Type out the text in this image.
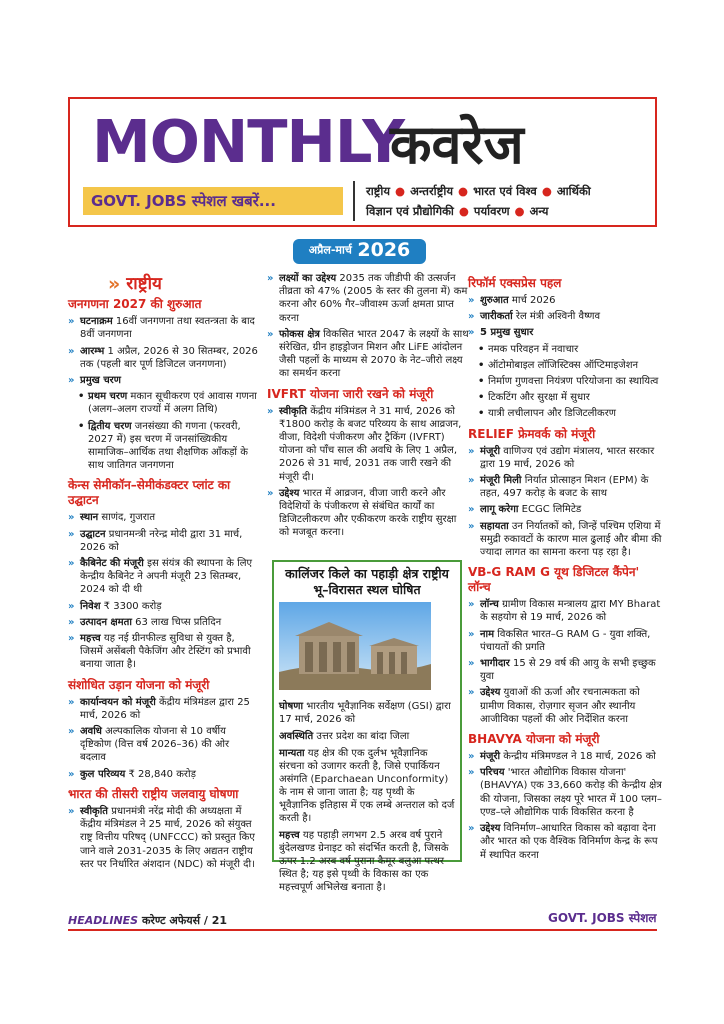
MONTHLY
कवरेज
GOVT. JOBS स्पेशल खबरें...
राष्ट्रीय ● अन्तर्राष्ट्रीय ● भारत एवं विश्व ● आर्थिकी
विज्ञान एवं प्रौद्योगिकी ● पर्यावरण ● अन्य
अप्रैल-मार्च 2026
» राष्ट्रीय
जनगणना 2027 की शुरुआत
» घटनाक्रम 16वीं जनगणना तथा स्वतन्त्रता के बाद 8वीं जनगणना
» आरम्भ 1 अप्रैल, 2026 से 30 सितम्बर, 2026 तक (पहली बार पूर्ण डिजिटल जनगणना)
» प्रमुख चरण
• प्रथम चरण मकान सूचीकरण एवं आवास गणना (अलग–अलग राज्यों में अलग तिथि)
• द्वितीय चरण जनसंख्या की गणना (फरवरी, 2027 में) इस चरण में जनसांख्यिकीय सामाजिक–आर्थिक तथा शैक्षणिक आँकड़ों के साथ जातिगत जनगणना
केन्स सेमीकॉन–सेमीकंडक्टर प्लांट का उद्घाटन
» स्थान साणंद, गुजरात
» उद्घाटन प्रधानमन्त्री नरेन्द्र मोदी द्वारा 31 मार्च, 2026 को
» कैबिनेट की मंजूरी इस संयंत्र की स्थापना के लिए केन्द्रीय कैबिनेट ने अपनी मंजूरी 23 सितम्बर, 2024 को दी थी
» निवेश ₹ 3300 करोड़
» उत्पादन क्षमता 63 लाख चिप्स प्रतिदिन
» महत्त्व यह नई ग्रीनफील्ड सुविधा से युक्त है, जिसमें असेंबली पैकेजिंग और टेस्टिंग को प्रभावी बनाया जाता है।
संशोधित उड़ान योजना को मंजूरी
» कार्यान्वयन को मंजूरी केंद्रीय मंत्रिमंडल द्वारा 25 मार्च, 2026 को
» अवधि अल्पकालिक योजना से 10 वर्षीय दृष्टिकोण (वित्त वर्ष 2026–36) की ओर बदलाव
» कुल परिव्यय ₹ 28,840 करोड़
भारत की तीसरी राष्ट्रीय जलवायु घोषणा
» स्वीकृति प्रधानमंत्री नरेंद्र मोदी की अध्यक्षता में केंद्रीय मंत्रिमंडल ने 25 मार्च, 2026 को संयुक्त राष्ट्र वित्तीय परिषद् (UNFCCC) को प्रस्तुत किए जाने वाले 2031-2035 के लिए अद्यतन राष्ट्रीय स्तर पर निर्धारित अंशदान (NDC) को मंजूरी दी।
» लक्ष्यों का उद्देश्य 2035 तक जीडीपी की उत्सर्जन तीव्रता को 47% (2005 के स्तर की तुलना में) कम करना और 60% गैर–जीवाश्म ऊर्जा क्षमता प्राप्त करना
» फोकस क्षेत्र विकसित भारत 2047 के लक्ष्यों के साथ संरेखित, ग्रीन हाइड्रोजन मिशन और LiFE आंदोलन जैसी पहलों के माध्यम से 2070 के नेट–जीरो लक्ष्य का समर्थन करना
IVFRT योजना जारी रखने को मंजूरी
» स्वीकृति केंद्रीय मंत्रिमंडल ने 31 मार्च, 2026 को ₹1800 करोड़ के बजट परिव्यय के साथ आव्रजन, वीजा, विदेशी पंजीकरण और ट्रैकिंग (IVFRT) योजना को पाँच साल की अवधि के लिए 1 अप्रैल, 2026 से 31 मार्च, 2031 तक जारी रखने की मंजूरी दी।
» उद्देश्य भारत में आव्रजन, वीजा जारी करने और विदेशियों के पंजीकरण से संबंधित कार्यों का डिजिटलीकरण और एकीकरण करके राष्ट्रीय सुरक्षा को मजबूत करना।
कालिंजर किले का पहाड़ी क्षेत्र राष्ट्रीय भू–विरासत स्थल घोषित

घोषणा भारतीय भूवैज्ञानिक सर्वेक्षण (GSI) द्वारा 17 मार्च, 2026 को

अवस्थिति उत्तर प्रदेश का बांदा जिला

मान्यता यह क्षेत्र की एक दुर्लभ भूवैज्ञानिक संरचना को उजागर करती है, जिसे एपार्कियन असंगति (Eparchaean Unconformity) के नाम से जाना जाता है; यह पृथ्वी के भूवैज्ञानिक इतिहास में एक लम्बे अन्तराल को दर्ज करती है।

महत्त्व यह पहाड़ी लगभग 2.5 अरब वर्ष पुराने बुंदेलखण्ड ग्रेनाइट को संदर्भित करती है, जिसके ऊपर 1.2 अरब वर्ष पुराना कैमूर बलुआ पत्थर स्थित है; यह इसे पृथ्वी के विकास का एक महत्त्वपूर्ण अभिलेख बनाता है।

रिफॉर्म एक्सप्रेस पहल
» शुरुआत मार्च 2026
» जारीकर्ता रेल मंत्री अश्विनी वैष्णव
» 5 प्रमुख सुधार
• नमक परिवहन में नवाचार
• ऑटोमोबाइल लॉजिस्टिक्स ऑप्टिमाइजेशन
• निर्माण गुणवत्ता नियंत्रण परियोजना का स्थायित्व
• टिकटिंग और सुरक्षा में सुधार
• यात्री लचीलापन और डिजिटलीकरण
RELIEF फ्रेमवर्क को मंजूरी
» मंजूरी वाणिज्य एवं उद्योग मंत्रालय, भारत सरकार द्वारा 19 मार्च, 2026 को
» मंजूरी मिली निर्यात प्रोत्साहन मिशन (EPM) के तहत, 497 करोड़ के बजट के साथ
» लागू करेगा ECGC लिमिटेड
» सहायता उन निर्यातकों को, जिन्हें पश्चिम एशिया में समुद्री रुकावटों के कारण माल ढुलाई और बीमा की ज्यादा लागत का सामना करना पड़ रहा है।
VB-G RAM G यूथ डिजिटल कैंपेन' लॉन्च
» लॉन्च ग्रामीण विकास मन्त्रालय द्वारा MY Bharat के सहयोग से 19 मार्च, 2026 को
» नाम विकसित भारत–G RAM G - युवा शक्ति, पंचायतों की प्रगति
» भागीदार 15 से 29 वर्ष की आयु के सभी इच्छुक युवा
» उद्देश्य युवाओं की ऊर्जा और रचनात्मकता को ग्रामीण विकास, रोज़गार सृजन और स्थानीय आजीविका पहलों की ओर निर्देशित करना
BHAVYA योजना को मंजूरी
» मंजूरी केन्द्रीय मंत्रिमण्डल ने 18 मार्च, 2026 को
» परिचय 'भारत औद्योगिक विकास योजना' (BHAVYA) एक 33,660 करोड़ की केन्द्रीय क्षेत्र की योजना, जिसका लक्ष्य पूरे भारत में 100 प्लग–एण्ड–प्ले औद्योगिक पार्क विकसित करना है
» उद्देश्य विनिर्माण–आधारित विकास को बढ़ावा देना और भारत को एक वैश्विक विनिर्माण केन्द्र के रूप में स्थापित करना
HEADLINES करेण्ट अफेयर्स / 21	GOVT. JOBS स्पेशल
